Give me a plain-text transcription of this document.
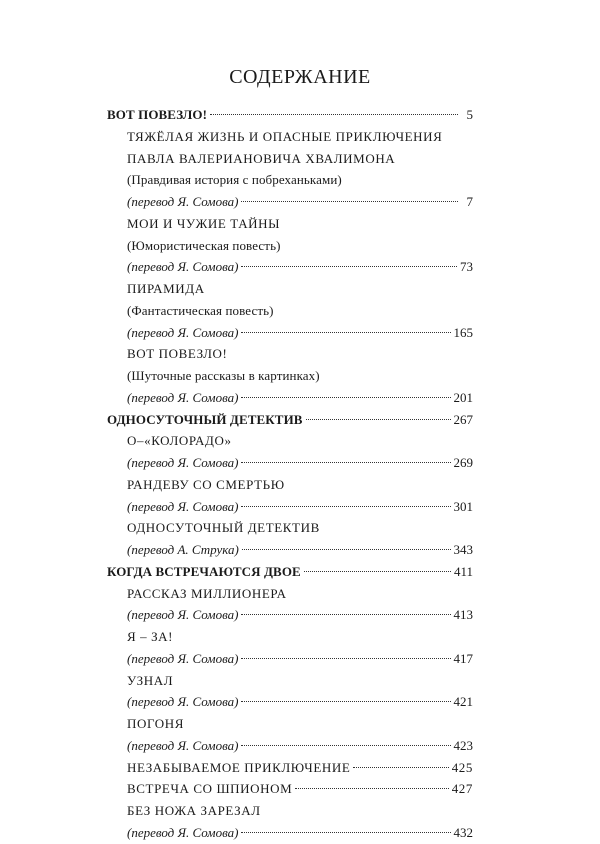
СОДЕРЖАНИЕ
ВОТ ПОВЕЗЛО!	5
ТЯЖЁЛАЯ ЖИЗНЬ И ОПАСНЫЕ ПРИКЛЮЧЕНИЯ
ПАВЛА ВАЛЕРИАНОВИЧА ХВАЛИМОНА
(Правдивая история с побреханьками)
(перевод Я. Сомова)	7
МОИ И ЧУЖИЕ ТАЙНЫ
(Юмористическая повесть)
(перевод Я. Сомова)	73
ПИРАМИДА
(Фантастическая повесть)
(перевод Я. Сомова)	165
ВОТ ПОВЕЗЛО!
(Шуточные рассказы в картинках)
(перевод Я. Сомова)	201
ОДНОСУТОЧНЫЙ ДЕТЕКТИВ	267
О–«КОЛОРАДО»
(перевод Я. Сомова)	269
РАНДЕВУ СО СМЕРТЬЮ
(перевод Я. Сомова)	301
ОДНОСУТОЧНЫЙ ДЕТЕКТИВ
(перевод А. Струка)	343
КОГДА ВСТРЕЧАЮТСЯ ДВОЕ	411
РАССКАЗ МИЛЛИОНЕРА
(перевод Я. Сомова)	413
Я – ЗА!
(перевод Я. Сомова)	417
УЗНАЛ
(перевод Я. Сомова)	421
ПОГОНЯ
(перевод Я. Сомова)	423
НЕЗАБЫВАЕМОЕ ПРИКЛЮЧЕНИЕ	425
ВСТРЕЧА СО ШПИОНОМ	427
БЕЗ НОЖА ЗАРЕЗАЛ
(перевод Я. Сомова)	432
